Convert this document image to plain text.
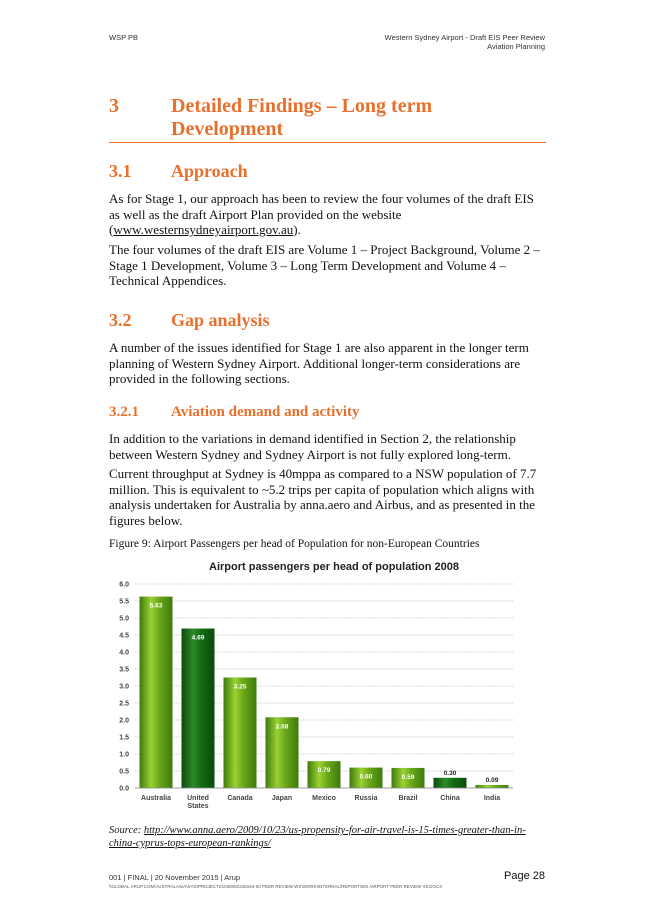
WSP PB	Western Sydney Airport - Draft EIS Peer Review
Aviation Planning
3	Detailed Findings – Long term Development
3.1 Approach

As for Stage 1, our approach has been to review the four volumes of the draft EIS as well as the draft Airport Plan provided on the website (www.westernsydneyairport.gov.au).

The four volumes of the draft EIS are Volume 1 – Project Background, Volume 2 – Stage 1 Development, Volume 3 – Long Term Development and Volume 4 – Technical Appendices.

3.2 Gap analysis

A number of the issues identified for Stage 1 are also apparent in the longer term planning of Western Sydney Airport. Additional longer-term considerations are provided in the following sections.

3.2.1 Aviation demand and activity

In addition to the variations in demand identified in Section 2, the relationship between Western Sydney and Sydney Airport is not fully explored long-term.

Current throughput at Sydney is 40mppa as compared to a NSW population of 7.7 million. This is equivalent to ~5.2 trips per capita of population which aligns with analysis undertaken for Australia by anna.aero and Airbus, and as presented in the figures below.

Figure 9: Airport Passengers per head of Population for non-European Countries
Airport passengers per head of population 2008
0.0
0.5
1.0
1.5
2.0
2.5
3.0
3.5
4.0
4.5
5.0
5.5
6.0
5.63
Australia
4.69
United
States
3.25
Canada
2.08
Japan
0.79
Mexico
0.60
Russia
0.59
Brazil
0.30
China
0.09
India
Source: http://www.anna.aero/2009/10/23/us-propensity-for-air-travel-is-15-times-greater-than-in-china-cyprus-tops-european-rankings/
001 | FINAL | 20 November 2015 | Arup	Page 28
\\GLOBAL.ARUP.COM\AUSTRALASIA\SYD\PROJECTS\246000\246163-00 PEER REVIEW WS\WORK\INTERNAL\REPORT\WS AIRPORT PEER REVIEW V8.DOCX
